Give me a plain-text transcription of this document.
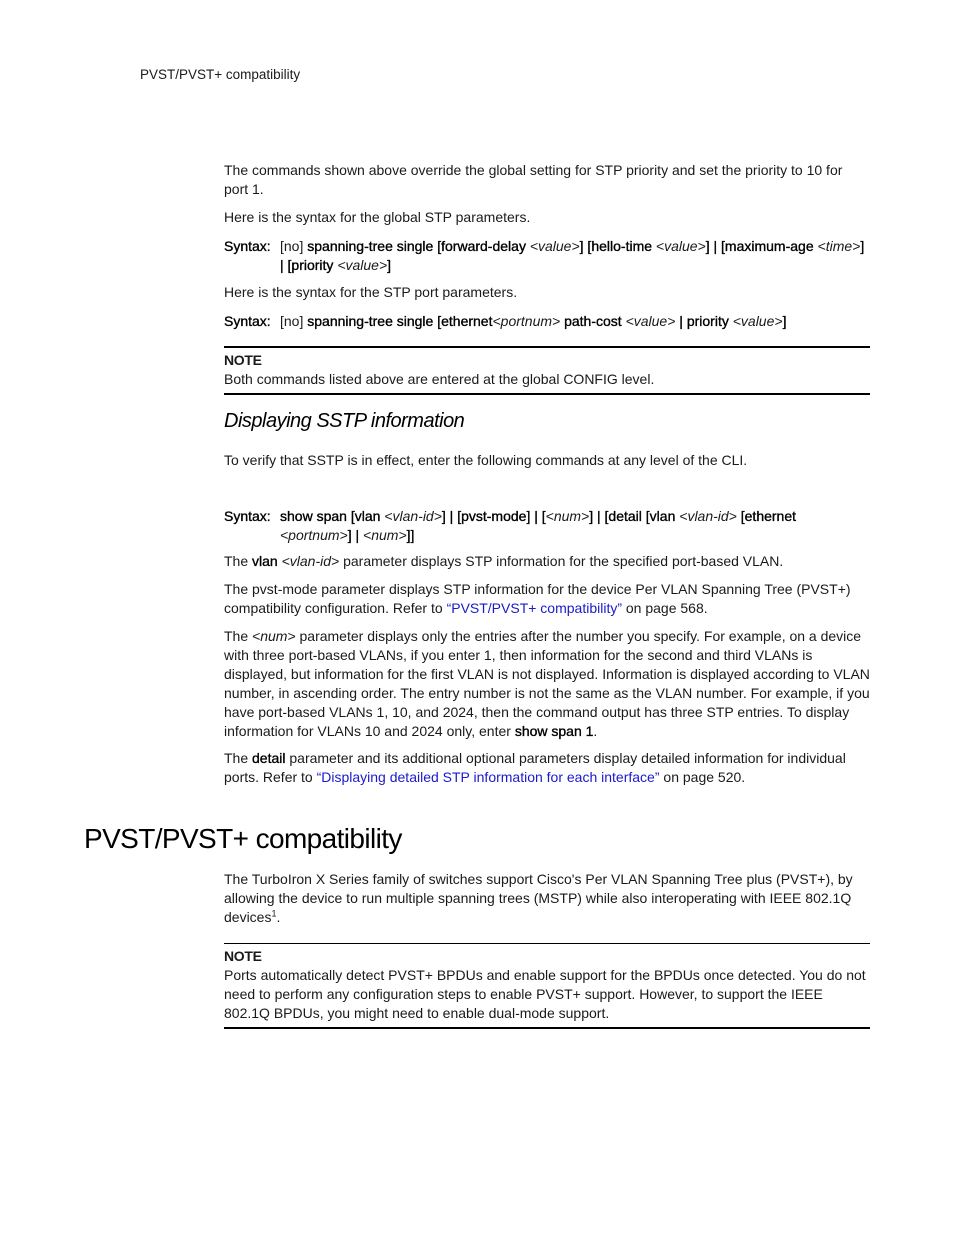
PVST/PVST+ compatibility

The commands shown above override the global setting for STP priority and set the priority to 10 for port 1.

Here is the syntax for the global STP parameters.

Syntax: [no] spanning-tree single [forward-delay <value>] [hello-time <value>] | [maximum-age <time>] | [priority <value>]

Here is the syntax for the STP port parameters.

Syntax: [no] spanning-tree single [ethernet<portnum> path-cost <value> | priority <value>]
NOTE
Both commands listed above are entered at the global CONFIG level.
Displaying SSTP information

To verify that SSTP is in effect, enter the following commands at any level of the CLI.

Syntax: show span [vlan <vlan-id>] | [pvst-mode] | [<num>] | [detail [vlan <vlan-id> [ethernet <portnum>] | <num>]]

The vlan <vlan-id> parameter displays STP information for the specified port-based VLAN.

The pvst-mode parameter displays STP information for the device Per VLAN Spanning Tree (PVST+) compatibility configuration. Refer to “PVST/PVST+ compatibility” on page 568.

The <num> parameter displays only the entries after the number you specify. For example, on a device with three port-based VLANs, if you enter 1, then information for the second and third VLANs is displayed, but information for the first VLAN is not displayed. Information is displayed according to VLAN number, in ascending order. The entry number is not the same as the VLAN number. For example, if you have port-based VLANs 1, 10, and 2024, then the command output has three STP entries. To display information for VLANs 10 and 2024 only, enter show span 1.

The detail parameter and its additional optional parameters display detailed information for individual ports. Refer to “Displaying detailed STP information for each interface” on page 520.

PVST/PVST+ compatibility

The TurboIron X Series family of switches support Cisco's Per VLAN Spanning Tree plus (PVST+), by allowing the device to run multiple spanning trees (MSTP) while also interoperating with IEEE 802.1Q devices$^1$.

NOTE
Ports automatically detect PVST+ BPDUs and enable support for the BPDUs once detected. You do not need to perform any configuration steps to enable PVST+ support. However, to support the IEEE 802.1Q BPDUs, you might need to enable dual-mode support.
